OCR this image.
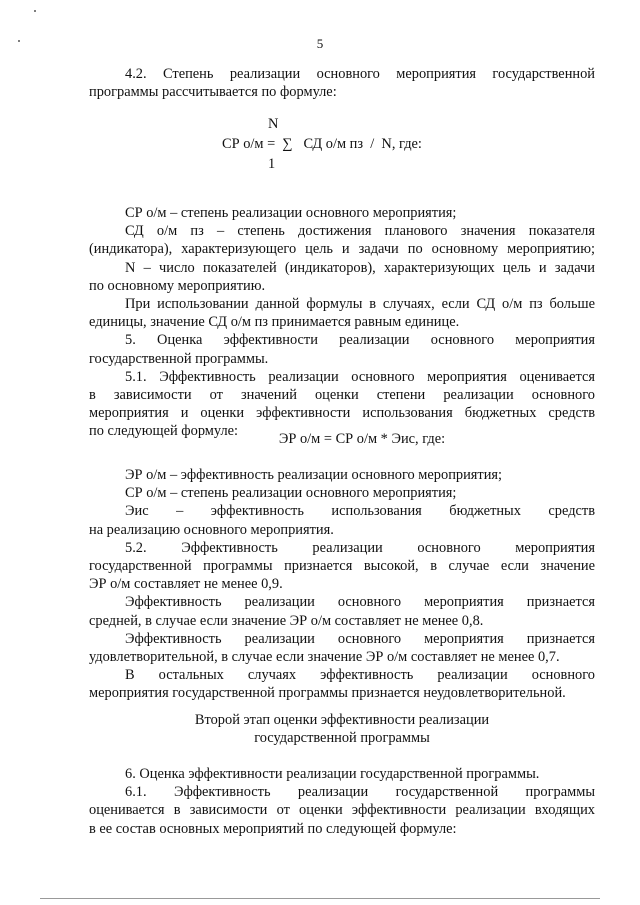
5
4.2. Степень реализации основного мероприятия государственной
программы рассчитывается по формуле:
N
СР о/м =  ∑   СД о/м пз  /  N, где:
1
СР о/м – степень реализации основного мероприятия;
СД о/м пз – степень достижения планового значения показателя
(индикатора), характеризующего цель и задачи по основному мероприятию;
N – число показателей (индикаторов), характеризующих цель и задачи
по основному мероприятию.
При использовании данной формулы в случаях, если СД о/м пз больше
единицы, значение СД о/м пз принимается равным единице.
5. Оценка эффективности реализации основного мероприятия
государственной программы.
5.1. Эффективность реализации основного мероприятия оценивается
в зависимости от значений оценки степени реализации основного
мероприятия и оценки эффективности использования бюджетных средств
по следующей формуле:	ЭР о/м = СР о/м * Эис, где:
ЭР о/м – эффективность реализации основного мероприятия;
СР о/м – степень реализации основного мероприятия;
Эис – эффективность использования бюджетных средств
на реализацию основного мероприятия.
5.2. Эффективность реализации основного мероприятия
государственной программы признается высокой, в случае если значение
ЭР о/м составляет не менее 0,9.
Эффективность реализации основного мероприятия признается
средней, в случае если значение ЭР о/м составляет не менее 0,8.
Эффективность реализации основного мероприятия признается
удовлетворительной, в случае если значение ЭР о/м составляет не менее 0,7.
В остальных случаях эффективность реализации основного
мероприятия государственной программы признается неудовлетворительной.
Второй этап оценки эффективности реализации
государственной программы
6. Оценка эффективности реализации государственной программы.
6.1. Эффективность реализации государственной программы
оценивается в зависимости от оценки эффективности реализации входящих
в ее состав основных мероприятий по следующей формуле:
